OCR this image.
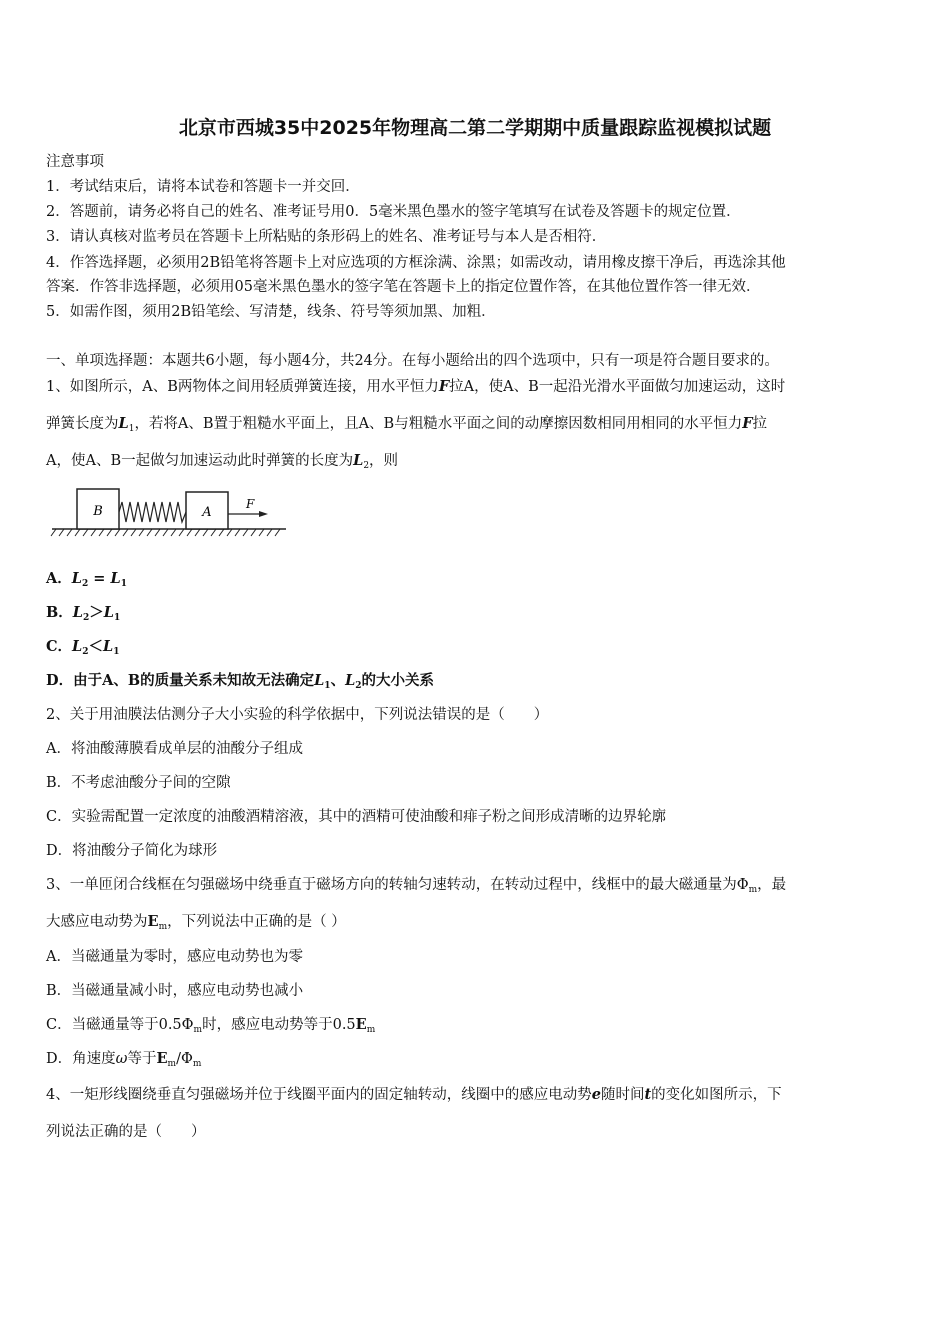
北京市西城35中2025年物理高二第二学期期中质量跟踪监视模拟试题
注意事项
1．考试结束后，请将本试卷和答题卡一并交回．
2．答题前，请务必将自己的姓名、准考证号用0．5毫米黑色墨水的签字笔填写在试卷及答题卡的规定位置．
3．请认真核对监考员在答题卡上所粘贴的条形码上的姓名、准考证号与本人是否相符．
4．作答选择题，必须用2B铅笔将答题卡上对应选项的方框涂满、涂黑；如需改动，请用橡皮擦干净后，再选涂其他
答案．作答非选择题，必须用05毫米黑色墨水的签字笔在答题卡上的指定位置作答，在其他位置作答一律无效．
5．如需作图，须用2B铅笔绘、写清楚，线条、符号等须加黑、加粗．
一、单项选择题：本题共6小题，每小题4分，共24分。在每小题给出的四个选项中，只有一项是符合题目要求的。
1、如图所示，A、B两物体之间用轻质弹簧连接，用水平恒力F拉A，使A、B一起沿光滑水平面做匀加速运动，这时
弹簧长度为$L_1$，若将A、B置于粗糙水平面上，且A、B与粗糙水平面之间的动摩擦因数相同用相同的水平恒力F拉
A，使A、B一起做匀加速运动此时弹簧的长度为$L_2$，则
B	A
F
A．$L_2 = L_1$
B．$L_2>L_1$
C．$L_2<L_1$
D．由于A、B的质量关系未知故无法确定$L_1$、$L_2$的大小关系
2、关于用油膜法估测分子大小实验的科学依据中，下列说法错误的是（　　）
A．将油酸薄膜看成单层的油酸分子组成
B．不考虑油酸分子间的空隙
C．实验需配置一定浓度的油酸酒精溶液，其中的酒精可使油酸和痱子粉之间形成清晰的边界轮廓
D．将油酸分子简化为球形
3、一单匝闭合线框在匀强磁场中绕垂直于磁场方向的转轴匀速转动，在转动过程中，线框中的最大磁通量为$\Phi_m$，最
大感应电动势为$E_m$，下列说法中正确的是（ ）
A．当磁通量为零时，感应电动势也为零
B．当磁通量减小时，感应电动势也减小
C．当磁通量等于$0.5\Phi_m$时，感应电动势等于$0.5E_m$
D．角速度ω等于$E_m/\Phi_m$
4、一矩形线圈绕垂直匀强磁场并位于线圈平面内的固定轴转动，线圈中的感应电动势e随时间t的变化如图所示，下
列说法正确的是（　　）
